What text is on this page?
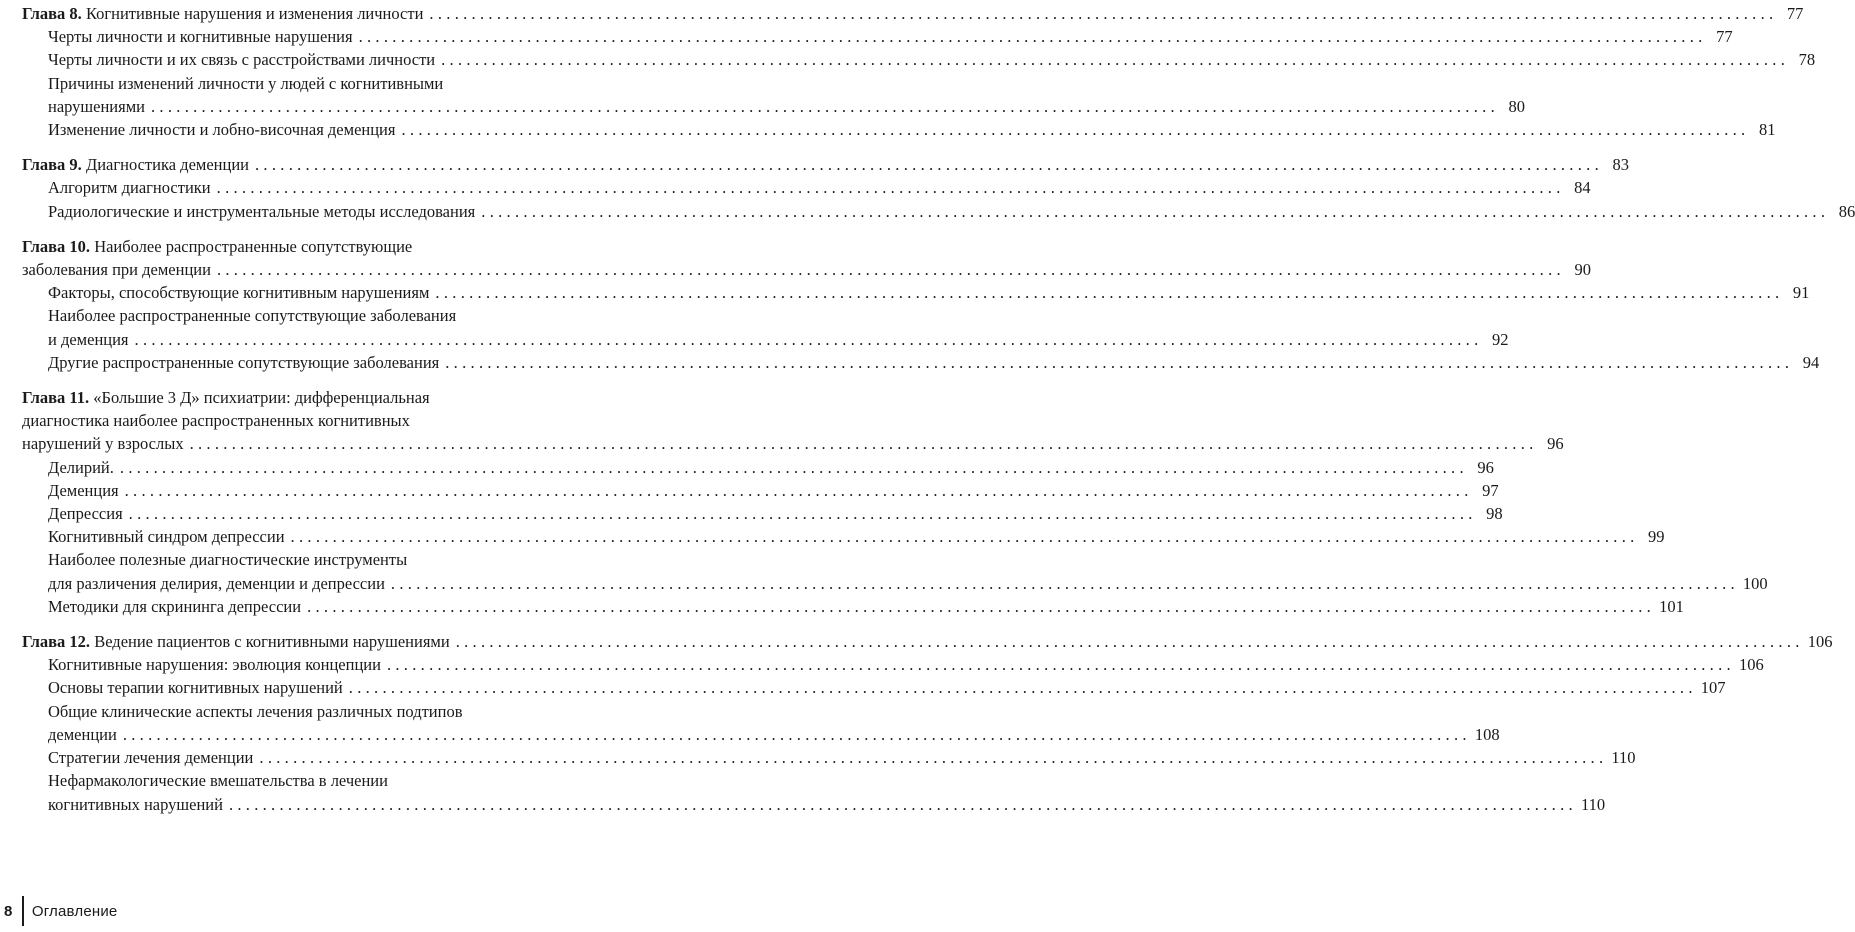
Глава 8. Когнитивные нарушения и изменения личности ................................................................................................................................................................ 77
Черты личности и когнитивные нарушения ................................................................................................................................................................ 77
Черты личности и их связь с расстройствами личности ................................................................................................................................................................ 78
Причины изменений личности у людей с когнитивными
нарушениями ................................................................................................................................................................ 80
Изменение личности и лобно-височная деменция ................................................................................................................................................................ 81
Глава 9. Диагностика деменции ................................................................................................................................................................ 83
Алгоритм диагностики ................................................................................................................................................................ 84
Радиологические и инструментальные методы исследования ................................................................................................................................................................ 86
Глава 10. Наиболее распространенные сопутствующие
заболевания при деменции ................................................................................................................................................................ 90
Факторы, способствующие когнитивным нарушениям ................................................................................................................................................................ 91
Наиболее распространенные сопутствующие заболевания
и деменция ................................................................................................................................................................ 92
Другие распространенные сопутствующие заболевания ................................................................................................................................................................ 94
Глава 11. «Большие 3 Д» психиатрии: дифференциальная
диагностика наиболее распространенных когнитивных
нарушений у взрослых ................................................................................................................................................................ 96
Делирий. ................................................................................................................................................................ 96
Деменция ................................................................................................................................................................ 97
Депрессия ................................................................................................................................................................ 98
Когнитивный синдром депрессии ................................................................................................................................................................ 99
Наиболее полезные диагностические инструменты
для различения делирия, деменции и депрессии ................................................................................................................................................................ 100
Методики для скрининга депрессии ................................................................................................................................................................ 101
Глава 12. Ведение пациентов с когнитивными нарушениями ................................................................................................................................................................ 106
Когнитивные нарушения: эволюция концепции ................................................................................................................................................................ 106
Основы терапии когнитивных нарушений ................................................................................................................................................................ 107
Общие клинические аспекты лечения различных подтипов
деменции ................................................................................................................................................................ 108
Стратегии лечения деменции ................................................................................................................................................................ 110
Нефармакологические вмешательства в лечении
когнитивных нарушений ................................................................................................................................................................ 110
8	Оглавление
